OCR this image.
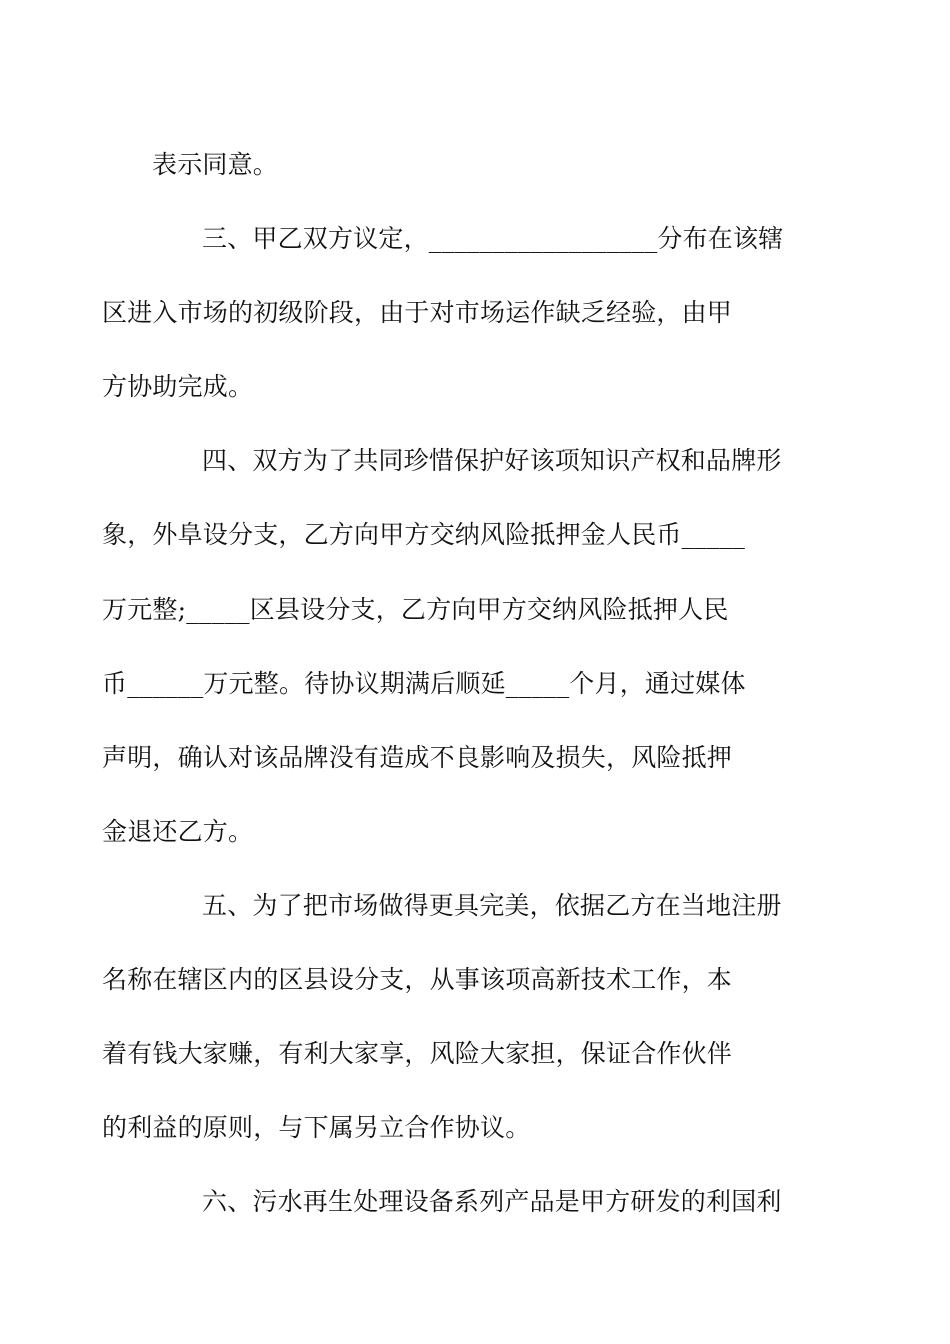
表示同意。

三、甲乙双方议定，__________________分布在该辖
区进入市场的初级阶段，由于对市场运作缺乏经验，由甲
方协助完成。

四、双方为了共同珍惜保护好该项知识产权和品牌形
象，外阜设分支，乙方向甲方交纳风险抵押金人民币_____
万元整;_____区县设分支，乙方向甲方交纳风险抵押人民
币______万元整。待协议期满后顺延_____个月，通过媒体
声明，确认对该品牌没有造成不良影响及损失，风险抵押
金退还乙方。

五、为了把市场做得更具完美，依据乙方在当地注册
名称在辖区内的区县设分支，从事该项高新技术工作，本
着有钱大家赚，有利大家享，风险大家担，保证合作伙伴
的利益的原则，与下属另立合作协议。

六、污水再生处理设备系列产品是甲方研发的利国利
